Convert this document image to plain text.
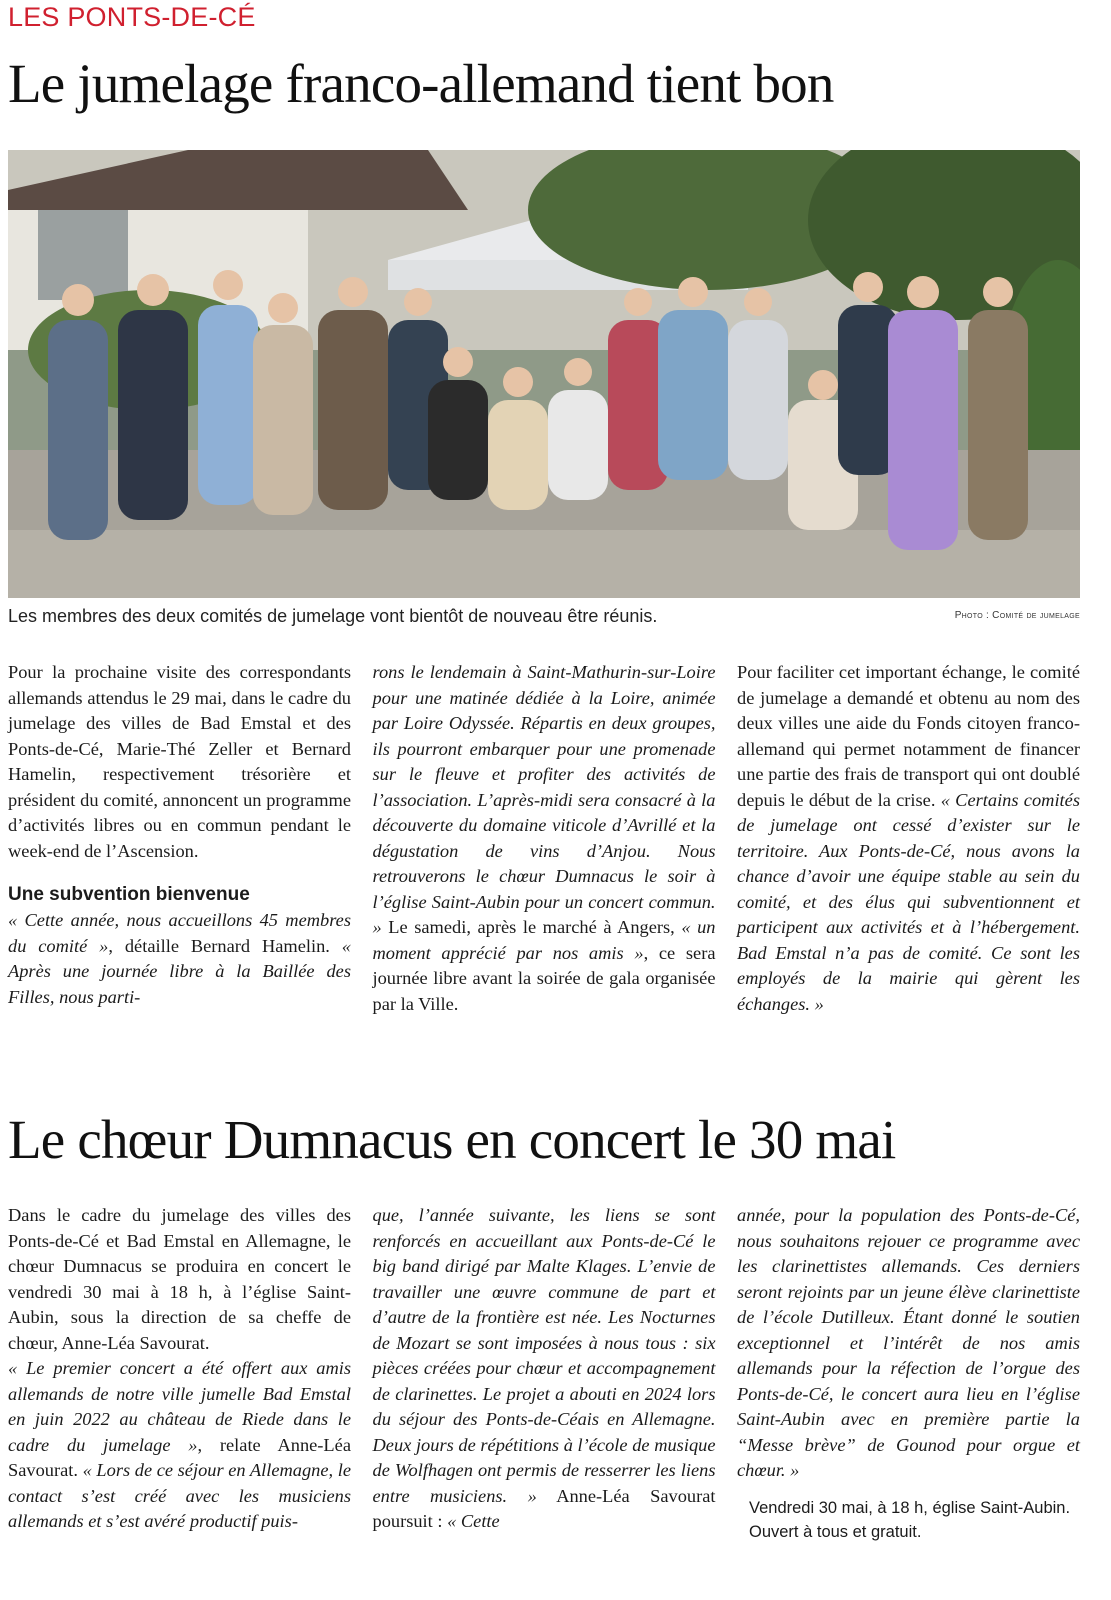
LES PONTS-DE-CÉ
Le jumelage franco-allemand tient bon
Les membres des deux comités de jumelage vont bientôt de nouveau être réunis.	Photo : Comité de jumelage

Pour la prochaine visite des correspondants allemands attendus le 29 mai, dans le cadre du jumelage des villes de Bad Emstal et des Ponts-de-Cé, Marie-Thé Zeller et Bernard Hamelin, respectivement trésorière et président du comité, annoncent un programme d’activités libres ou en commun pendant le week-end de l’Ascension.

Une subvention bienvenue

« Cette année, nous accueillons 45 membres du comité », détaille Bernard Hamelin. « Après une journée libre à la Baillée des Filles, nous parti-

rons le lendemain à Saint-Mathurin-sur-Loire pour une matinée dédiée à la Loire, animée par Loire Odyssée. Répartis en deux groupes, ils pourront embarquer pour une promenade sur le fleuve et profiter des activités de l’association. L’après-midi sera consacré à la découverte du domaine viticole d’Avrillé et la dégustation de vins d’Anjou. Nous retrouverons le chœur Dumnacus le soir à l’église Saint-Aubin pour un concert commun. » Le samedi, après le marché à Angers, « un moment apprécié par nos amis », ce sera journée libre avant la soirée de gala organisée par la Ville.

Pour faciliter cet important échange, le comité de jumelage a demandé et obtenu au nom des deux villes une aide du Fonds citoyen franco-allemand qui permet notamment de financer une partie des frais de transport qui ont doublé depuis le début de la crise. « Certains comités de jumelage ont cessé d’exister sur le territoire. Aux Ponts-de-Cé, nous avons la chance d’avoir une équipe stable au sein du comité, et des élus qui subventionnent et participent aux activités et à l’hébergement. Bad Emstal n’a pas de comité. Ce sont les employés de la mairie qui gèrent les échanges. »

Le chœur Dumnacus en concert le 30 mai

Dans le cadre du jumelage des villes des Ponts-de-Cé et Bad Emstal en Allemagne, le chœur Dumnacus se produira en concert le vendredi 30 mai à 18 h, à l’église Saint-Aubin, sous la direction de sa cheffe de chœur, Anne-Léa Savourat.

« Le premier concert a été offert aux amis allemands de notre ville jumelle Bad Emstal en juin 2022 au château de Riede dans le cadre du jumelage », relate Anne-Léa Savourat. « Lors de ce séjour en Allemagne, le contact s’est créé avec les musiciens allemands et s’est avéré productif puis-

que, l’année suivante, les liens se sont renforcés en accueillant aux Ponts-de-Cé le big band dirigé par Malte Klages. L’envie de travailler une œuvre commune de part et d’autre de la frontière est née. Les Nocturnes de Mozart se sont imposées à nous tous : six pièces créées pour chœur et accompagnement de clarinettes. Le projet a abouti en 2024 lors du séjour des Ponts-de-Céais en Allemagne. Deux jours de répétitions à l’école de musique de Wolfhagen ont permis de resserrer les liens entre musiciens. » Anne-Léa Savourat poursuit : « Cette

année, pour la population des Ponts-de-Cé, nous souhaitons rejouer ce programme avec les clarinettistes allemands. Ces derniers seront rejoints par un jeune élève clarinettiste de l’école Dutilleux. Étant donné le soutien exceptionnel et l’intérêt de nos amis allemands pour la réfection de l’orgue des Ponts-de-Cé, le concert aura lieu en l’église Saint-Aubin avec en première partie la “Messe brève” de Gounod pour orgue et chœur. »

Vendredi 30 mai, à 18 h, église Saint-Aubin. Ouvert à tous et gratuit.
